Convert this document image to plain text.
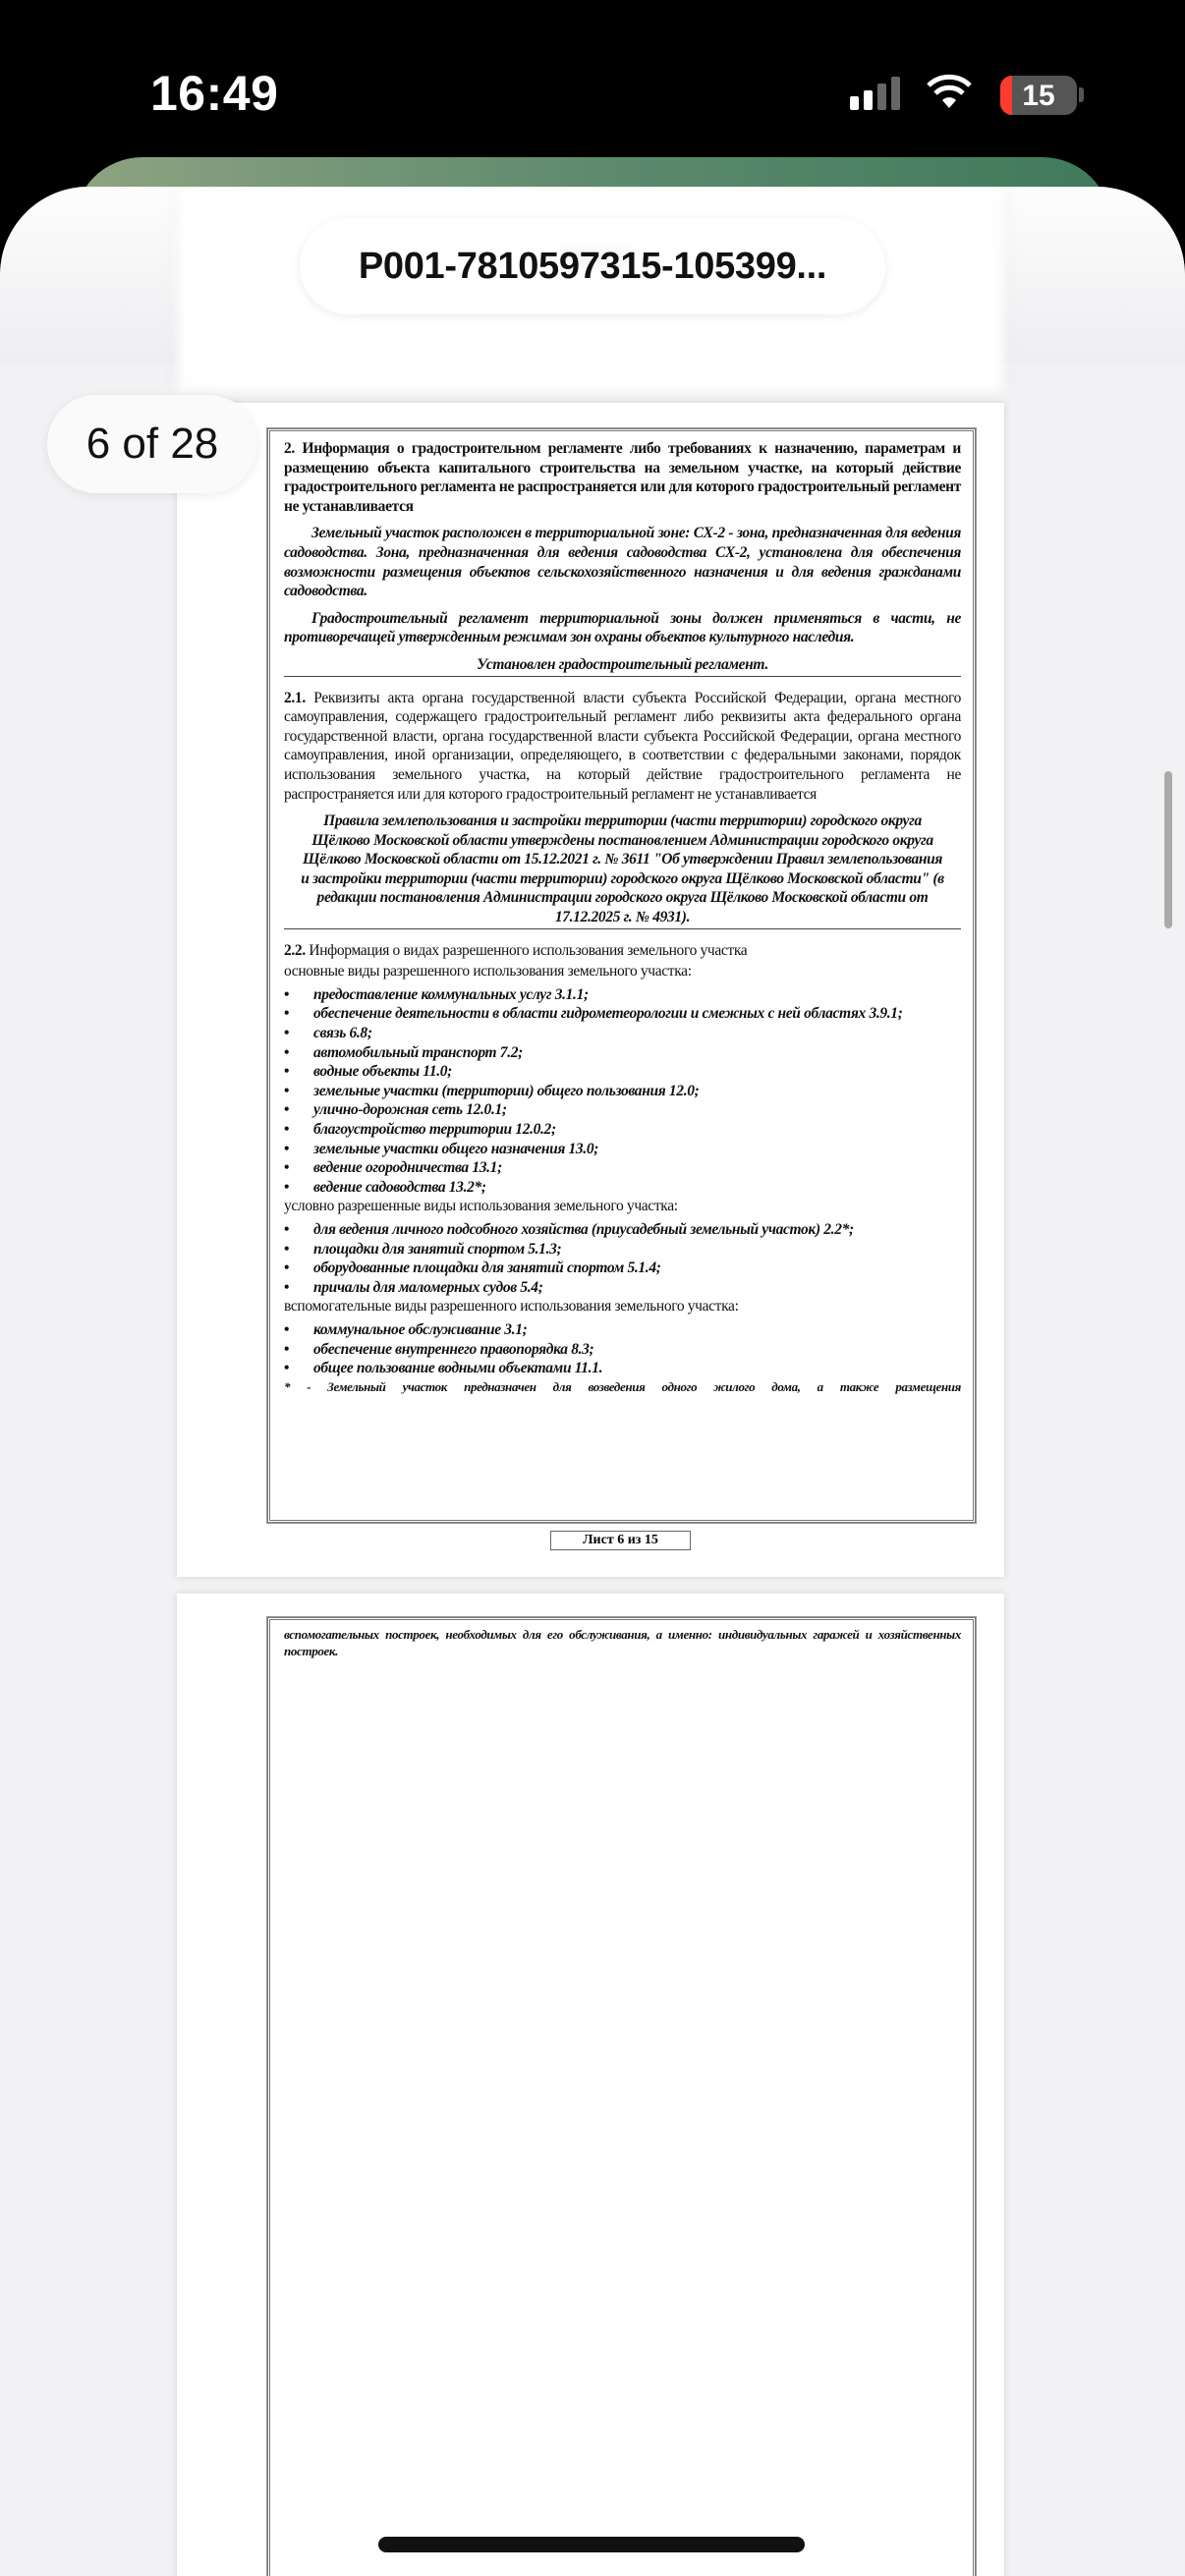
16:49	15

2. Информация о градостроительном регламенте либо требованиях к назначению, параметрам и размещению объекта капитального строительства на земельном участке, на который действие градостроительного регламента не распространяется или для которого градостроительный регламент не устанавливается

Земельный участок расположен в территориальной зоне: СХ-2 - зона, предназначенная для ведения садоводства. Зона, предназначенная для ведения садоводства СХ-2, установлена для обеспечения возможности размещения объектов сельскохозяйственного назначения и для ведения гражданами садоводства.

Градостроительный регламент территориальной зоны должен применяться в части, не противоречащей утвержденным режимам зон охраны объектов культурного наследия.

Установлен градостроительный регламент.

2.1. Реквизиты акта органа государственной власти субъекта Российской Федерации, органа местного самоуправления, содержащего градостроительный регламент либо реквизиты акта федерального органа государственной власти, органа государственной власти субъекта Российской Федерации, органа местного самоуправления, иной организации, определяющего, в соответствии с федеральными законами, порядок использования земельного участка, на который действие градостроительного регламента не распространяется или для которого градостроительный регламент не устанавливается

Правила землепользования и застройки территории (части территории) городского округа Щёлково Московской области утверждены постановлением Администрации городского округа Щёлково Московской области от 15.12.2021 г. № 3611 "Об утверждении Правил землепользования и застройки территории (части территории) городского округа Щёлково Московской области" (в редакции постановления Администрации городского округа Щёлково Московской области от 17.12.2025 г. № 4931).

2.2. Информация о видах разрешенного использования земельного участка

основные виды разрешенного использования земельного участка:

•	предоставление коммунальных услуг 3.1.1;
• обеспечение деятельности в области гидрометеорологии и смежных с ней областях 3.9.1;
•	связь 6.8;
•	автомобильный транспорт 7.2;
•	водные объекты 11.0;
•	земельные участки (территории) общего пользования 12.0;
•	улично-дорожная сеть 12.0.1;
•	благоустройство территории 12.0.2;
•	земельные участки общего назначения 13.0;
•	ведение огородничества 13.1;
•	ведение садоводства 13.2*;

условно разрешенные виды использования земельного участка:

• для ведения личного подсобного хозяйства (приусадебный земельный участок) 2.2*;
•	площадки для занятий спортом 5.1.3;
•	оборудованные площадки для занятий спортом 5.1.4;
•	причалы для маломерных судов 5.4;

вспомогательные виды разрешенного использования земельного участка:

•	коммунальное обслуживание 3.1;
•	обеспечение внутреннего правопорядка 8.3;
•	общее пользование водными объектами 11.1.

* - Земельный участок предназначен для возведения одного жилого дома, а также размещения

Лист 6 из 15

вспомогательных построек, необходимых для его обслуживания, а именно: индивидуальных гаражей и хозяйственных построек.

P001-7810597315-105399...
6 of 28
